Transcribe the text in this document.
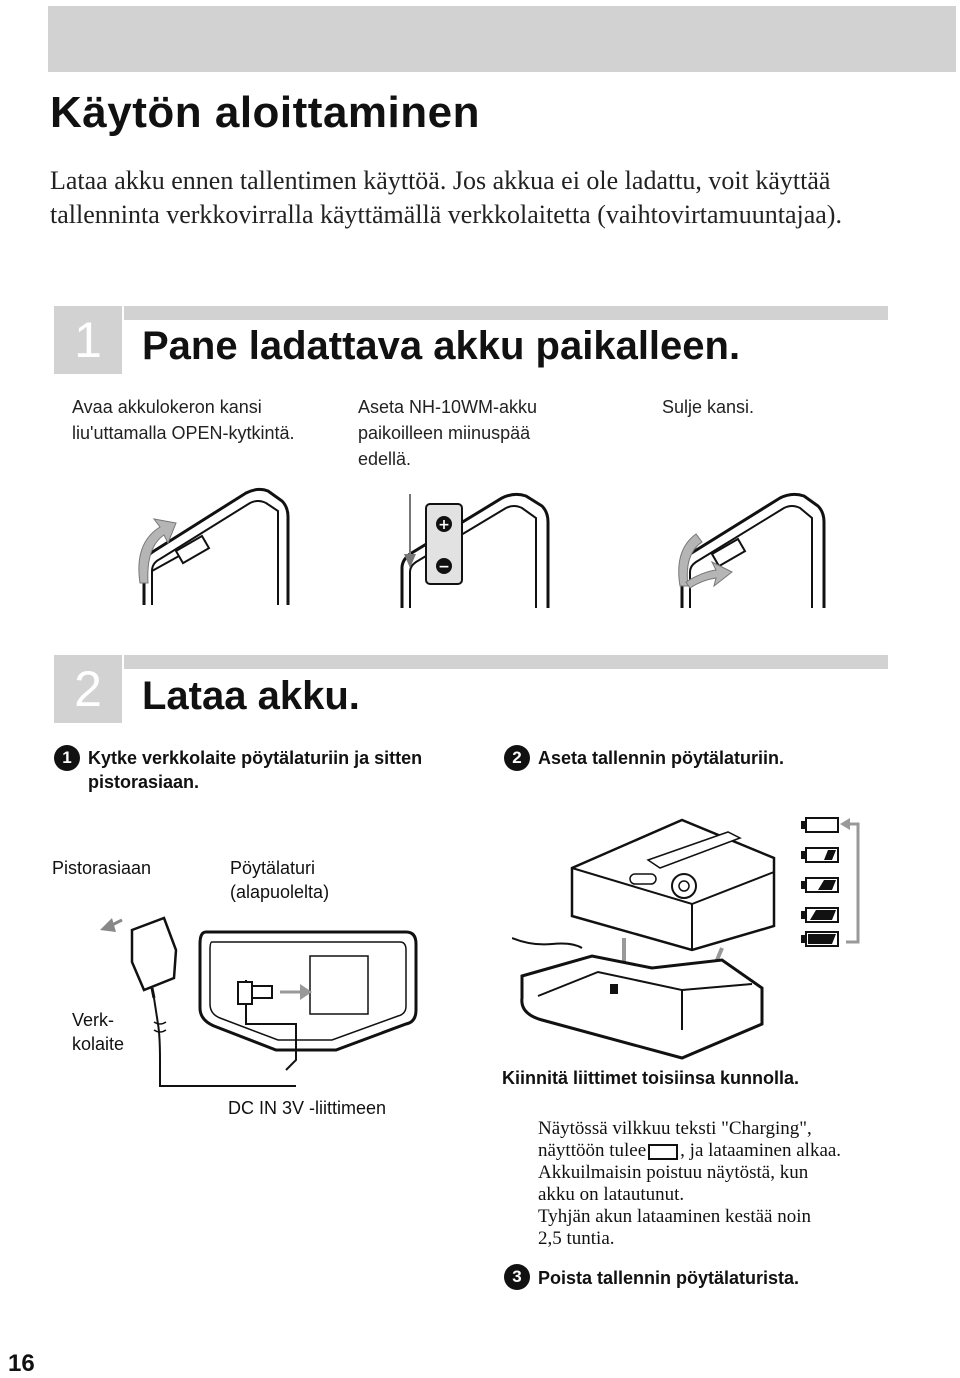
Käytön aloittaminen
Lataa akku ennen tallentimen käyttöä. Jos akkua ei ole ladattu, voit käyttää tallenninta verkkovirralla käyttämällä verkkolaitetta (vaihtovirtamuuntajaa).
1	Pane ladattava akku paikalleen.
Avaa akkulokeron kansi liu'uttamalla OPEN-kytkintä.
Aseta NH-10WM-akku paikoilleen miinuspää edellä.
Sulje kansi.
+
−
2	Lataa akku.
1 Kytke verkkolaite pöytälaturiin ja sitten pistorasiaan.
2 Aseta tallennin pöytälaturiin.
Pistorasiaan	Pöytälaturi
(alapuolelta)
Verk-
kolaite
DC IN 3V -liittimeen
Kiinnitä liittimet toisiinsa kunnolla.
Näytössä vilkkuu teksti "Charging",
näyttöön tulee , ja lataaminen alkaa.
Akkuilmaisin poistuu näytöstä, kun
akku on latautunut.
Tyhjän akun lataaminen kestää noin
2,5 tuntia.
3 Poista tallennin pöytälaturista.
16
